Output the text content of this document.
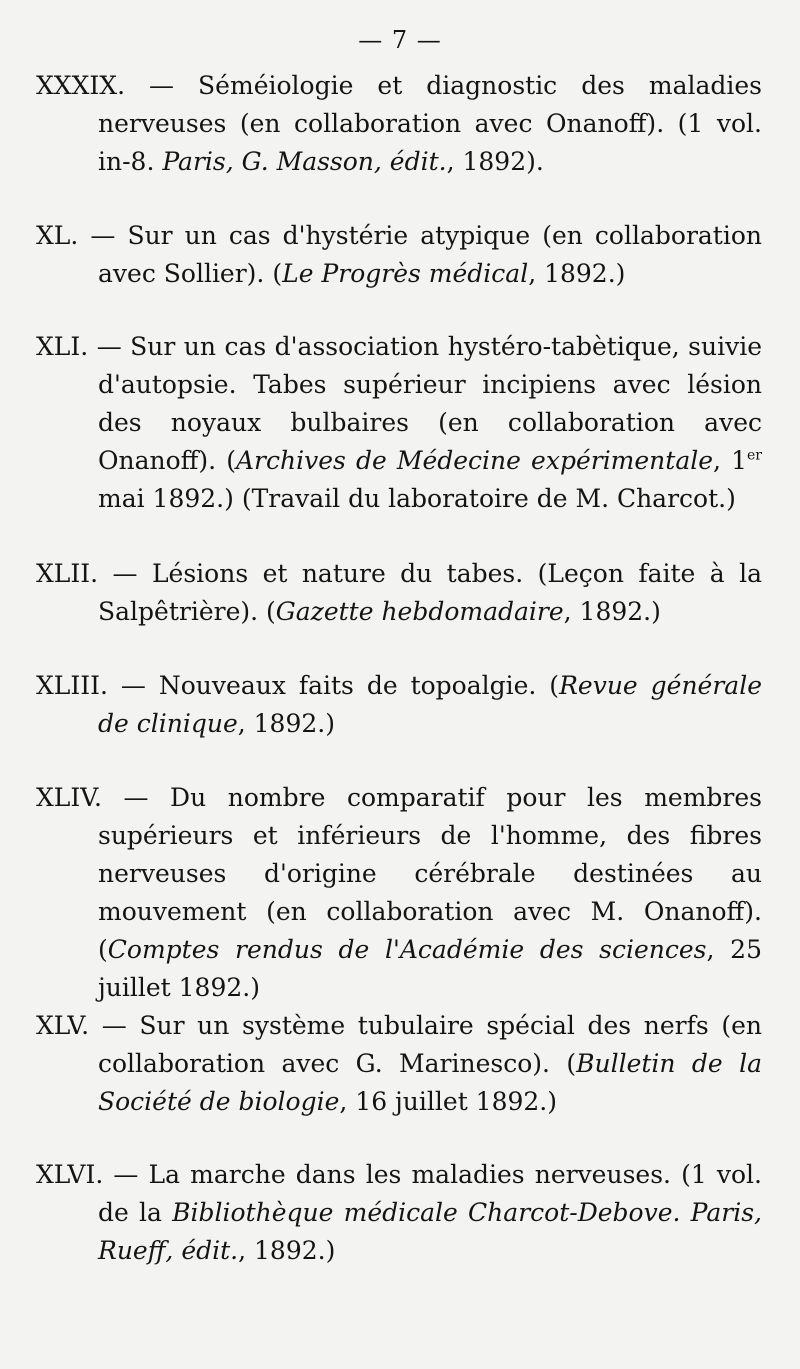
— 7 —

XXXIX. — Séméiologie et diagnostic des maladies nerveuses (en collaboration avec Onanoff). (1 vol. in-8. Paris, G. Masson, édit., 1892).

XL. — Sur un cas d'hystérie atypique (en collaboration avec Sollier). (Le Progrès médical, 1892.)

XLI. — Sur un cas d'association hystéro-tabètique, suivie d'autopsie. Tabes supérieur incipiens avec lésion des noyaux bulbaires (en collaboration avec Onanoff). (Archives de Médecine expérimentale, 1er mai 1892.) (Travail du laboratoire de M. Charcot.)

XLII. — Lésions et nature du tabes. (Leçon faite à la Salpêtrière). (Gazette hebdomadaire, 1892.)

XLIII. — Nouveaux faits de topoalgie. (Revue générale de clinique, 1892.)

XLIV. — Du nombre comparatif pour les membres supérieurs et inférieurs de l'homme, des fibres nerveuses d'origine cérébrale destinées au mouvement (en collaboration avec M. Onanoff). (Comptes rendus de l'Académie des sciences, 25 juillet 1892.)

XLV. — Sur un système tubulaire spécial des nerfs (en collaboration avec G. Marinesco). (Bulletin de la Société de biologie, 16 juillet 1892.)

XLVI. — La marche dans les maladies nerveuses. (1 vol. de la Bibliothèque médicale Charcot-Debove. Paris, Rueff, édit., 1892.)
